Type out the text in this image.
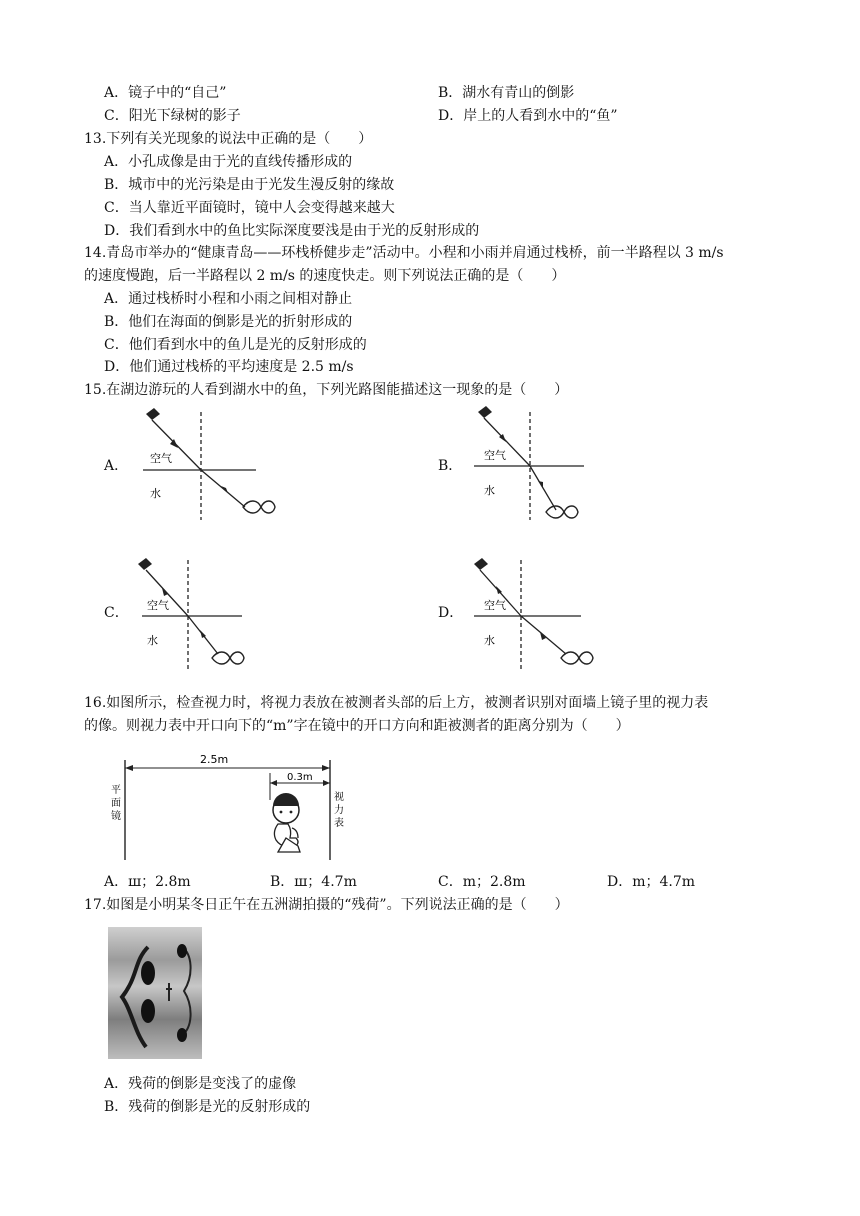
A．镜子中的“自己”	B．湖水有青山的倒影
C．阳光下绿树的影子	D．岸上的人看到水中的“鱼”
13.下列有关光现象的说法中正确的是（　　）
A．小孔成像是由于光的直线传播形成的
B．城市中的光污染是由于光发生漫反射的缘故
C．当人靠近平面镜时，镜中人会变得越来越大
D．我们看到水中的鱼比实际深度要浅是由于光的反射形成的
14.青岛市举办的“健康青岛——环栈桥健步走”活动中。小程和小雨并肩通过栈桥，前一半路程以 3 m/s
的速度慢跑，后一半路程以 2 m/s 的速度快走。则下列说法正确的是（　　）
A．通过栈桥时小程和小雨之间相对静止
B．他们在海面的倒影是光的折射形成的
C．他们看到水中的鱼儿是光的反射形成的
D．他们通过栈桥的平均速度是 2.5 m/s
15.在湖边游玩的人看到湖水中的鱼，下列光路图能描述这一现象的是（　　）
A． 空气
水
B．
空气
水
C． 空气
水
D． 空气
水
16.如图所示，检查视力时，将视力表放在被测者头部的后上方，被测者识别对面墙上镜子里的视力表
的像。则视力表中开口向下的“m”字在镜中的开口方向和距被测者的距离分别为（　　）
2.5m
0.3m
平
面
镜
视
力
表
A．ш；2.8m	B．ш；4.7m	C．m；2.8m	D．m；4.7m
17.如图是小明某冬日正午在五洲湖拍摄的“残荷”。下列说法正确的是（　　）
A．残荷的倒影是变浅了的虚像
B．残荷的倒影是光的反射形成的
